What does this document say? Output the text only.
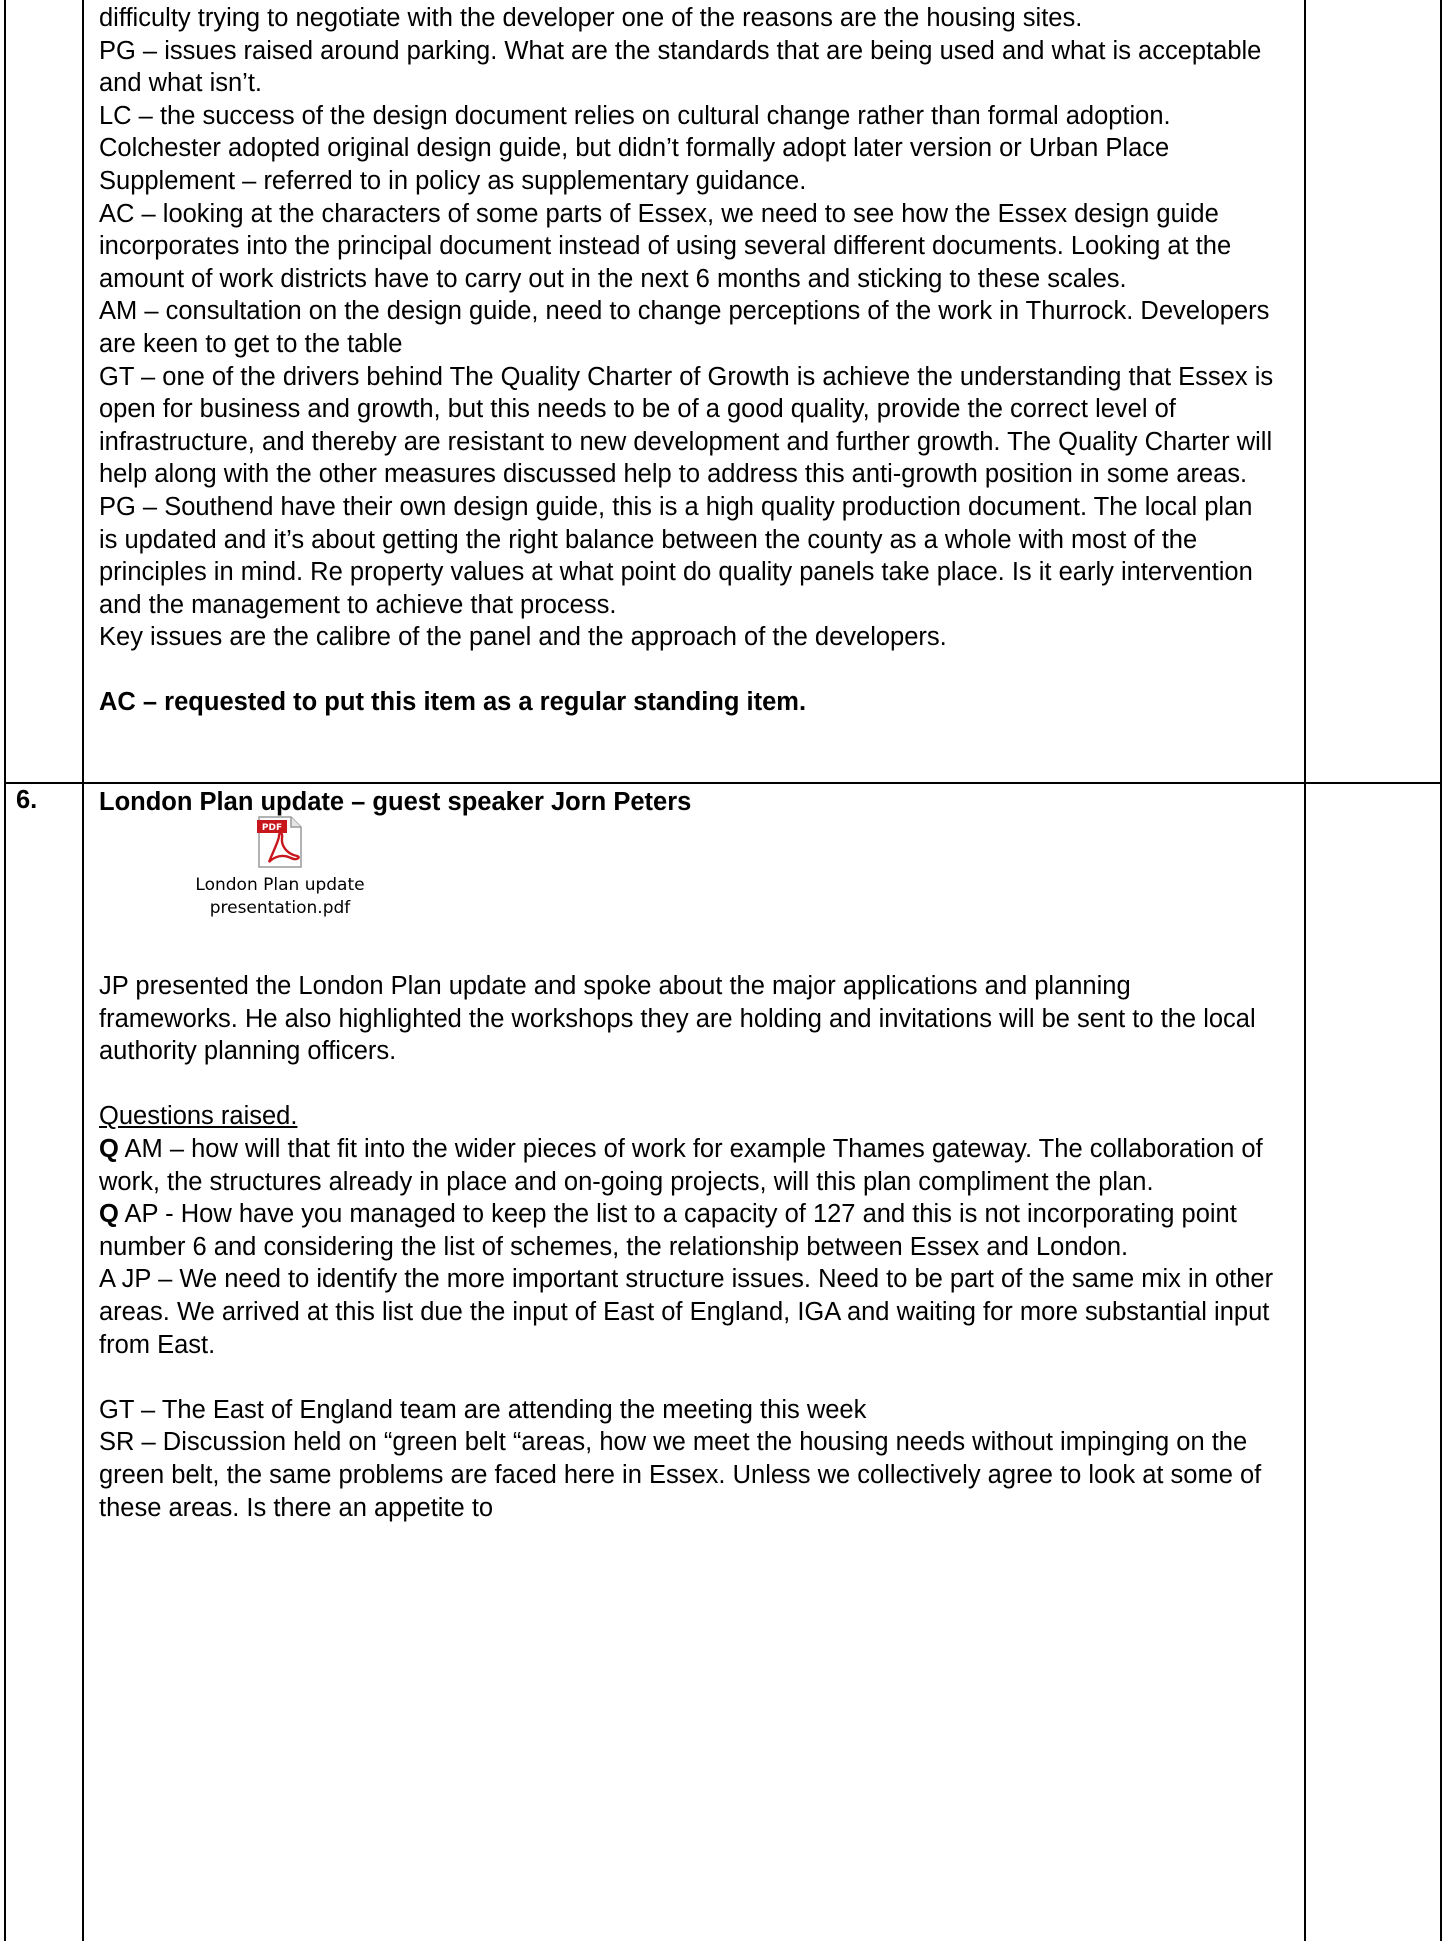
difficulty trying to negotiate with the developer one of the reasons are the housing sites.

PG – issues raised around parking. What are the standards that are being used and what is acceptable and what isn’t.

LC – the success of the design document relies on cultural change rather than formal adoption. Colchester adopted original design guide, but didn’t formally adopt later version or Urban Place Supplement – referred to in policy as supplementary guidance.

AC – looking at the characters of some parts of Essex, we need to see how the Essex design guide incorporates into the principal document instead of using several different documents. Looking at the amount of work districts have to carry out in the next 6 months and sticking to these scales.

AM – consultation on the design guide, need to change perceptions of the work in Thurrock. Developers are keen to get to the table

GT – one of the drivers behind The Quality Charter of Growth is achieve the understanding that Essex is open for business and growth, but this needs to be of a good quality, provide the correct level of infrastructure, and thereby are resistant to new development and further growth. The Quality Charter will help along with the other measures discussed help to address this anti-growth position in some areas.

PG – Southend have their own design guide, this is a high quality production document. The local plan is updated and it’s about getting the right balance between the county as a whole with most of the principles in mind. Re property values at what point do quality panels take place. Is it early intervention and the management to achieve that process.

Key issues are the calibre of the panel and the approach of the developers.

AC – requested to put this item as a regular standing item.

6. London Plan update – guest speaker Jorn Peters

PDF
London Plan update
presentation.pdf

JP presented the London Plan update and spoke about the major applications and planning frameworks. He also highlighted the workshops they are holding and invitations will be sent to the local authority planning officers.

Questions raised.

Q AM – how will that fit into the wider pieces of work for example Thames gateway. The collaboration of work, the structures already in place and on-going projects, will this plan compliment the plan.

Q AP - How have you managed to keep the list to a capacity of 127 and this is not incorporating point number 6 and considering the list of schemes, the relationship between Essex and London.

A JP – We need to identify the more important structure issues. Need to be part of the same mix in other areas. We arrived at this list due the input of East of England, IGA and waiting for more substantial input from East.

GT – The East of England team are attending the meeting this week

SR – Discussion held on “green belt “areas, how we meet the housing needs without impinging on the green belt, the same problems are faced here in Essex. Unless we collectively agree to look at some of these areas. Is there an appetite to
